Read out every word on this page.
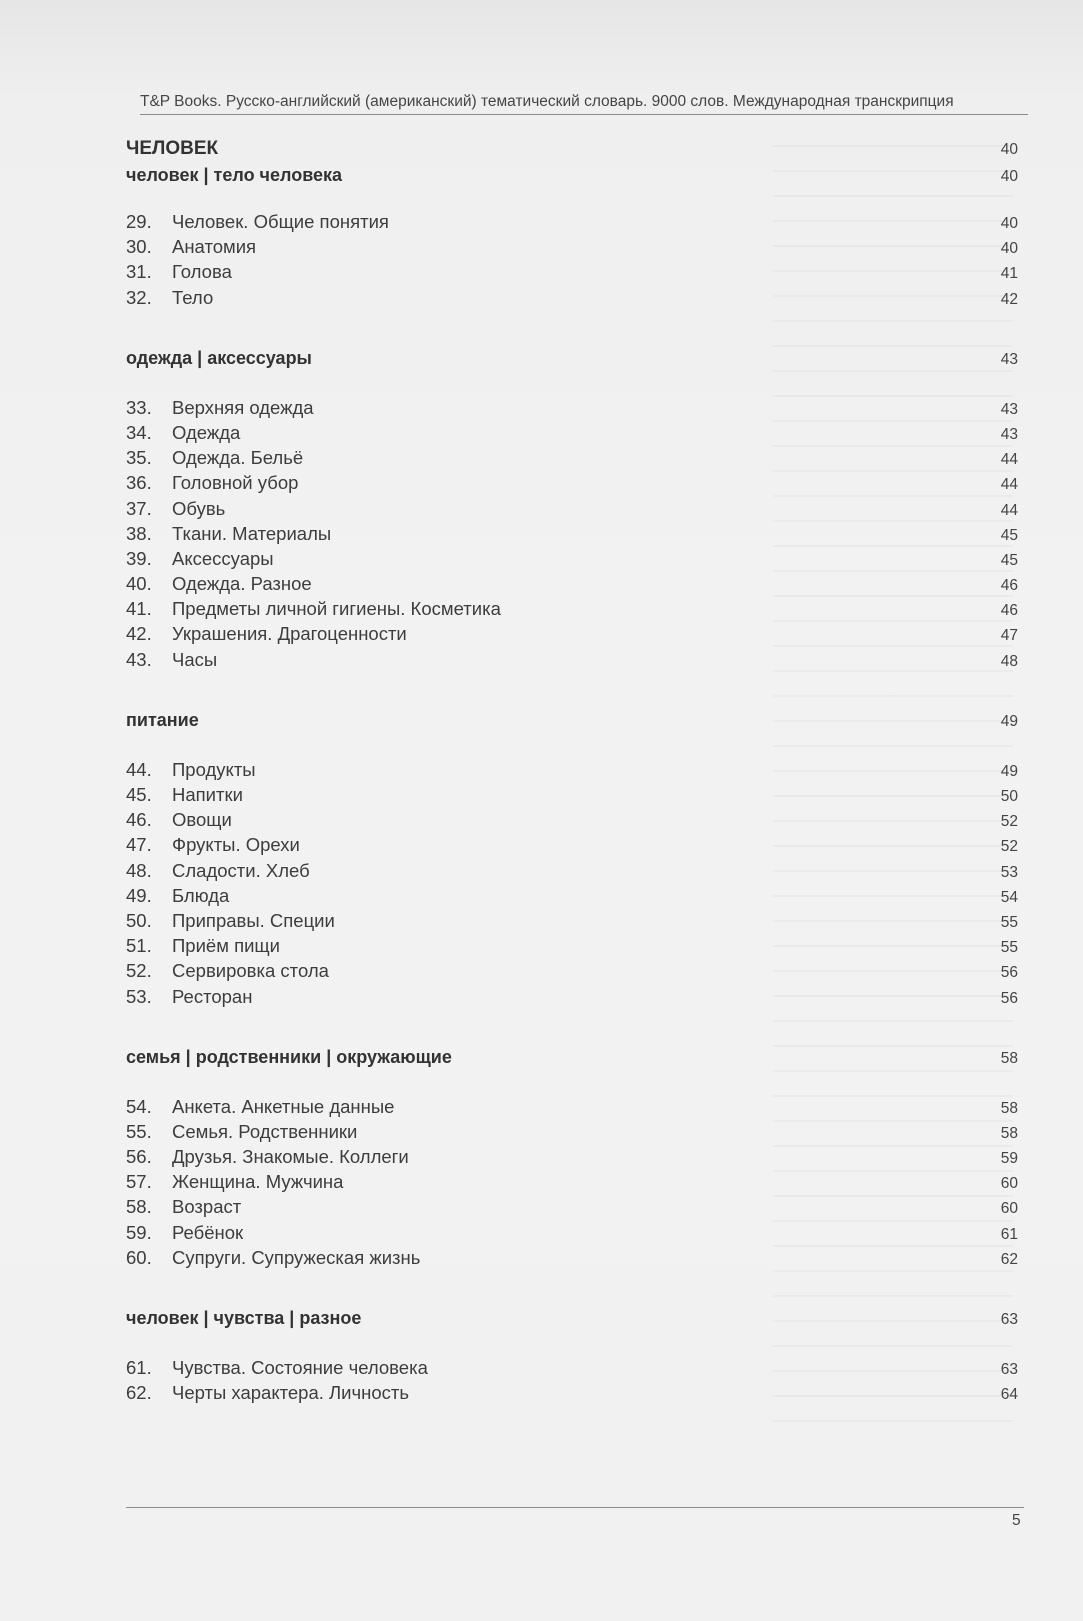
T&P Books. Русско-английский (американский) тематический словарь. 9000 слов. Международная транскрипция
ЧЕЛОВЕК	40
человек | тело человека	40
29.	Человек. Общие понятия	40
30.	Анатомия	40
31.	Голова	41
32.	Тело	42
одежда | аксессуары	43
33.	Верхняя одежда	43
34.	Одежда	43
35.	Одежда. Бельё	44
36.	Головной убор	44
37.	Обувь	44
38.	Ткани. Материалы	45
39.	Аксессуары	45
40.	Одежда. Разное	46
41.	Предметы личной гигиены. Косметика	46
42.	Украшения. Драгоценности	47
43.	Часы	48
питание	49
44.	Продукты	49
45.	Напитки	50
46.	Овощи	52
47.	Фрукты. Орехи	52
48.	Сладости. Хлеб	53
49.	Блюда	54
50.	Приправы. Специи	55
51.	Приём пищи	55
52.	Сервировка стола	56
53.	Ресторан	56
семья | родственники | окружающие	58
54.	Анкета. Анкетные данные	58
55.	Семья. Родственники	58
56.	Друзья. Знакомые. Коллеги	59
57.	Женщина. Мужчина	60
58.	Возраст	60
59.	Ребёнок	61
60.	Супруги. Супружеская жизнь	62
человек | чувства | разное	63
61.	Чувства. Состояние человека	63
62.	Черты характера. Личность	64
5
